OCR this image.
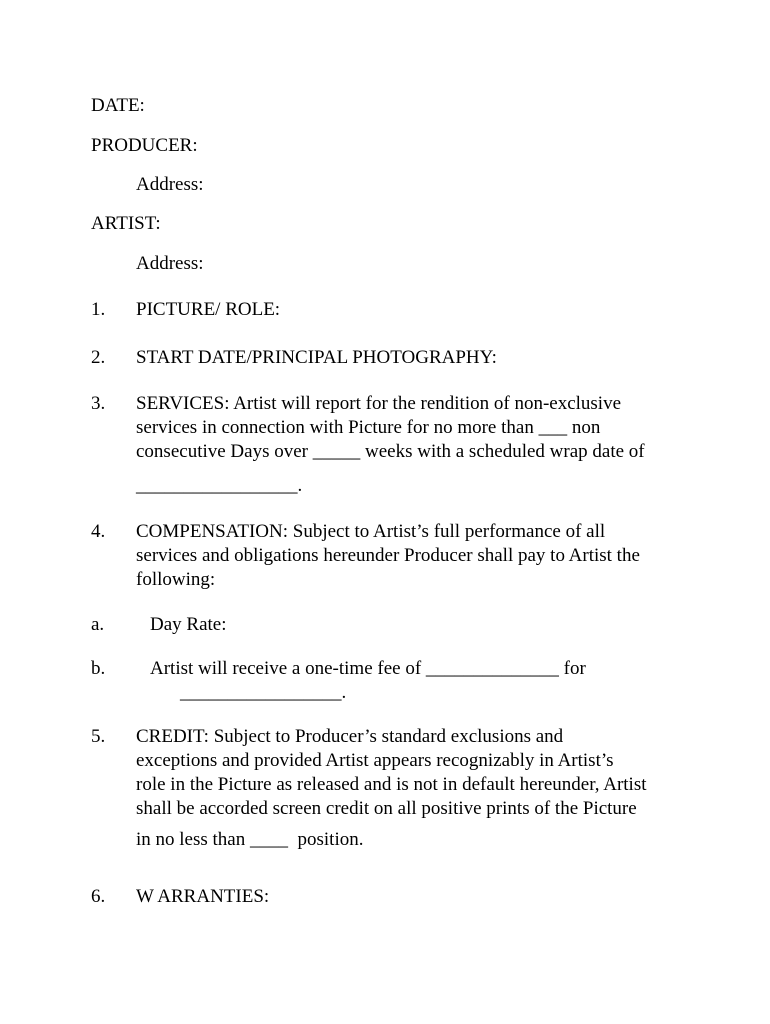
DATE:
PRODUCER:
Address:
ARTIST:
Address:
1. PICTURE/ ROLE:
2. START DATE/PRINCIPAL PHOTOGRAPHY:
3. SERVICES: Artist will report for the rendition of non-exclusive
services in connection with Picture for no more than ___ non
consecutive Days over _____ weeks with a scheduled wrap date of
_________________.
4. COMPENSATION: Subject to Artist’s full performance of all
services and obligations hereunder Producer shall pay to Artist the
following:
a. Day Rate:
b. Artist will receive a one-time fee of ______________ for
_________________.
5. CREDIT: Subject to Producer’s standard exclusions and
exceptions and provided Artist appears recognizably in Artist’s
role in the Picture as released and is not in default hereunder, Artist
shall be accorded screen credit on all positive prints of the Picture
in no less than ____  position.
6. W ARRANTIES:
